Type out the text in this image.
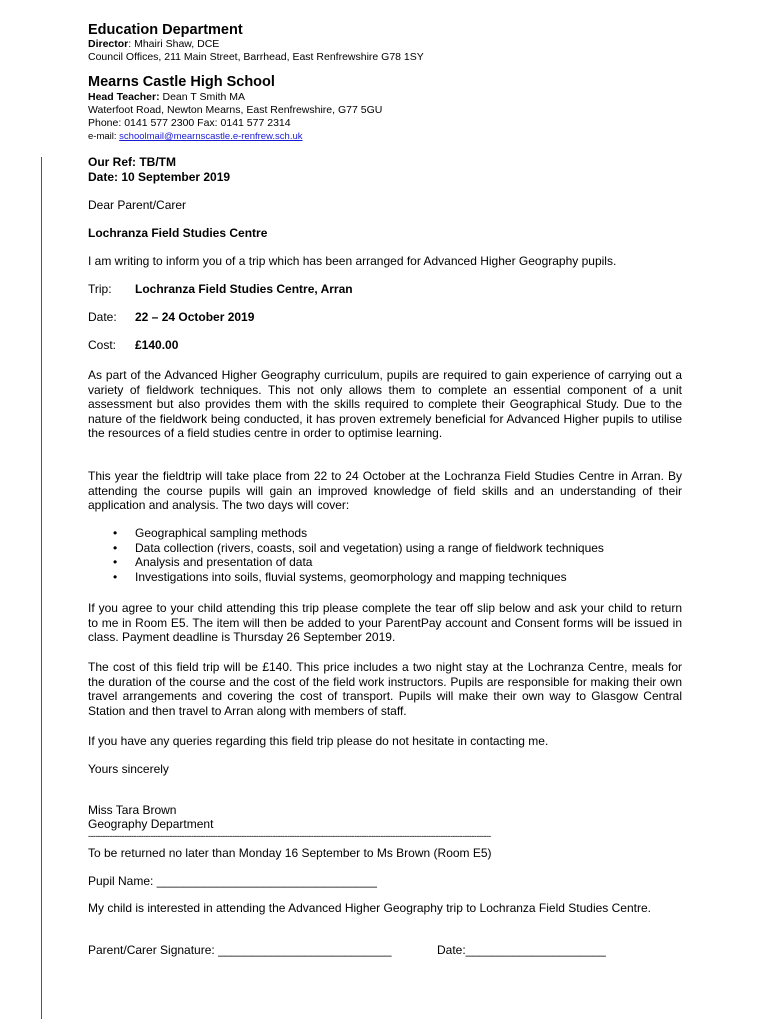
Education Department
Director: Mhairi Shaw, DCE
Council Offices, 211 Main Street, Barrhead, East Renfrewshire G78 1SY
Mearns Castle High School
Head Teacher: Dean T Smith MA
Waterfoot Road, Newton Mearns, East Renfrewshire, G77 5GU
Phone: 0141 577 2300 Fax: 0141 577 2314
e-mail: schoolmail@mearnscastle.e-renfrew.sch.uk
Our Ref: TB/TM
Date: 10 September 2019
Dear Parent/Carer
Lochranza Field Studies Centre
I am writing to inform you of a trip which has been arranged for Advanced Higher Geography pupils.
Trip: Lochranza Field Studies Centre, Arran
Date: 22 – 24 October 2019
Cost: £140.00

As part of the Advanced Higher Geography curriculum, pupils are required to gain experience of carrying out a variety of fieldwork techniques. This not only allows them to complete an essential component of a unit assessment but also provides them with the skills required to complete their Geographical Study. Due to the nature of the fieldwork being conducted, it has proven extremely beneficial for Advanced Higher pupils to utilise the resources of a field studies centre in order to optimise learning.

This year the fieldtrip will take place from 22 to 24 October at the Lochranza Field Studies Centre in Arran. By attending the course pupils will gain an improved knowledge of field skills and an understanding of their application and analysis. The two days will cover:

• Geographical sampling methods
• Data collection (rivers, coasts, soil and vegetation) using a range of fieldwork techniques
• Analysis and presentation of data
• Investigations into soils, fluvial systems, geomorphology and mapping techniques

If you agree to your child attending this trip please complete the tear off slip below and ask your child to return to me in Room E5. The item will then be added to your ParentPay account and Consent forms will be issued in class. Payment deadline is Thursday 26 September 2019.

The cost of this field trip will be £140. This price includes a two night stay at the Lochranza Centre, meals for the duration of the course and the cost of the field work instructors. Pupils are responsible for making their own travel arrangements and covering the cost of transport. Pupils will make their own way to Glasgow Central Station and then travel to Arran along with members of staff.

If you have any queries regarding this field trip please do not hesitate in contacting me.
Yours sincerely
Miss Tara Brown
Geography Department
------------------------------------------------------------------------------------------------------------------------------------------------------------------------
To be returned no later than Monday 16 September to Ms Brown (Room E5)
Pupil Name: _________________________________

My child is interested in attending the Advanced Higher Geography trip to Lochranza Field Studies Centre.

Parent/Carer Signature: __________________________	Date:_____________________
